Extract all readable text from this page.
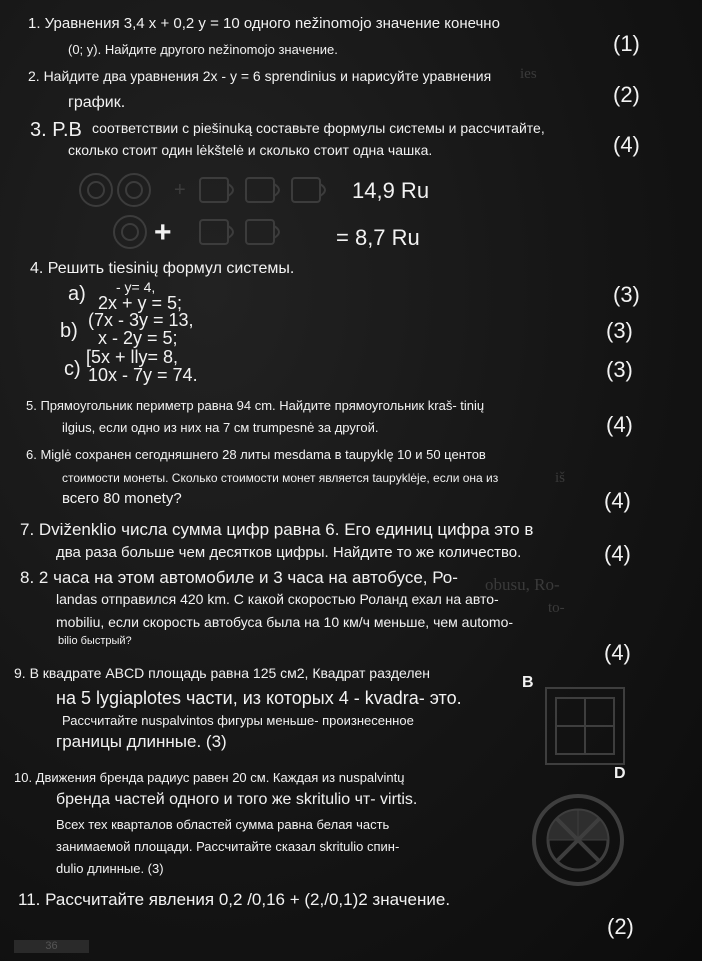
ies
obusu, Ro-
to-
iš
1. Уравнения 3,4 x + 0,2 y = 10 одного nežinomojo значение конечно
(0; y). Найдите другого nežinomojo значение.	(1)
2. Найдите два уравнения 2x - y = 6 sprendinius и нарисуйте уравнения
график.	(2)
3. P.B соответствии с piešinuką составьте формулы системы и рассчитайте,
сколько стоит один lėkštelė и сколько стоит одна чашка.	(4)
+	14,9 Ru
+	= 8,7 Ru
4. Решить tiesinių формул системы.
a) - y= 4,
2x + y = 5;	(3)
b) (7x - 3y = 13,
x - 2y = 5;	(3)
c)
[5x + lly= 8,
10x - 7y = 74.	(3)
5. Прямоугольник периметр равна 94 cm. Найдите прямоугольник kraš- tinių
ilgius, если одно из них на 7 см trumpesnė за другой.	(4)
6. Miglė сохранен сегодняшнего 28 литы mesdama в taupyklę 10 и 50 центов
стоимости монеты. Сколько стоимости монет является taupyklėje, если она из
всего 80 monety?	(4)
7. Dviženklio числа сумма цифр равна 6. Его единиц цифра это в
два раза больше чем десятков цифры. Найдите то же количество.	(4)
8. 2 часа на этом автомобиле и 3 часа на автобусе, Ро-
landas отправился 420 km. С какой скоростью Роланд ехал на авто-
mobiliu, если скорость автобуса была на 10 км/ч меньше, чем automo-
bilio быстрый?	(4)
9. В квадрате ABCD площадь равна 125 см2, Квадрат разделен
на 5 lygiaplotes части, из которых 4 - kvadra- это.
Рассчитайте nuspalvintos фигуры меньше- произнесенное
границы длинные. (3)
B
D
10. Движения бренда радиус равен 20 см. Каждая из nuspalvintų
бренда частей одного и того же skritulio чт- virtis.
Всех тех кварталов областей сумма равна белая часть
занимаемой площади. Рассчитайте сказал skritulio спин-
dulio длинные. (3)
11. Рассчитайте явления 0,2 /0,16 + (2,/0,1)2 значение.
(2)
36
